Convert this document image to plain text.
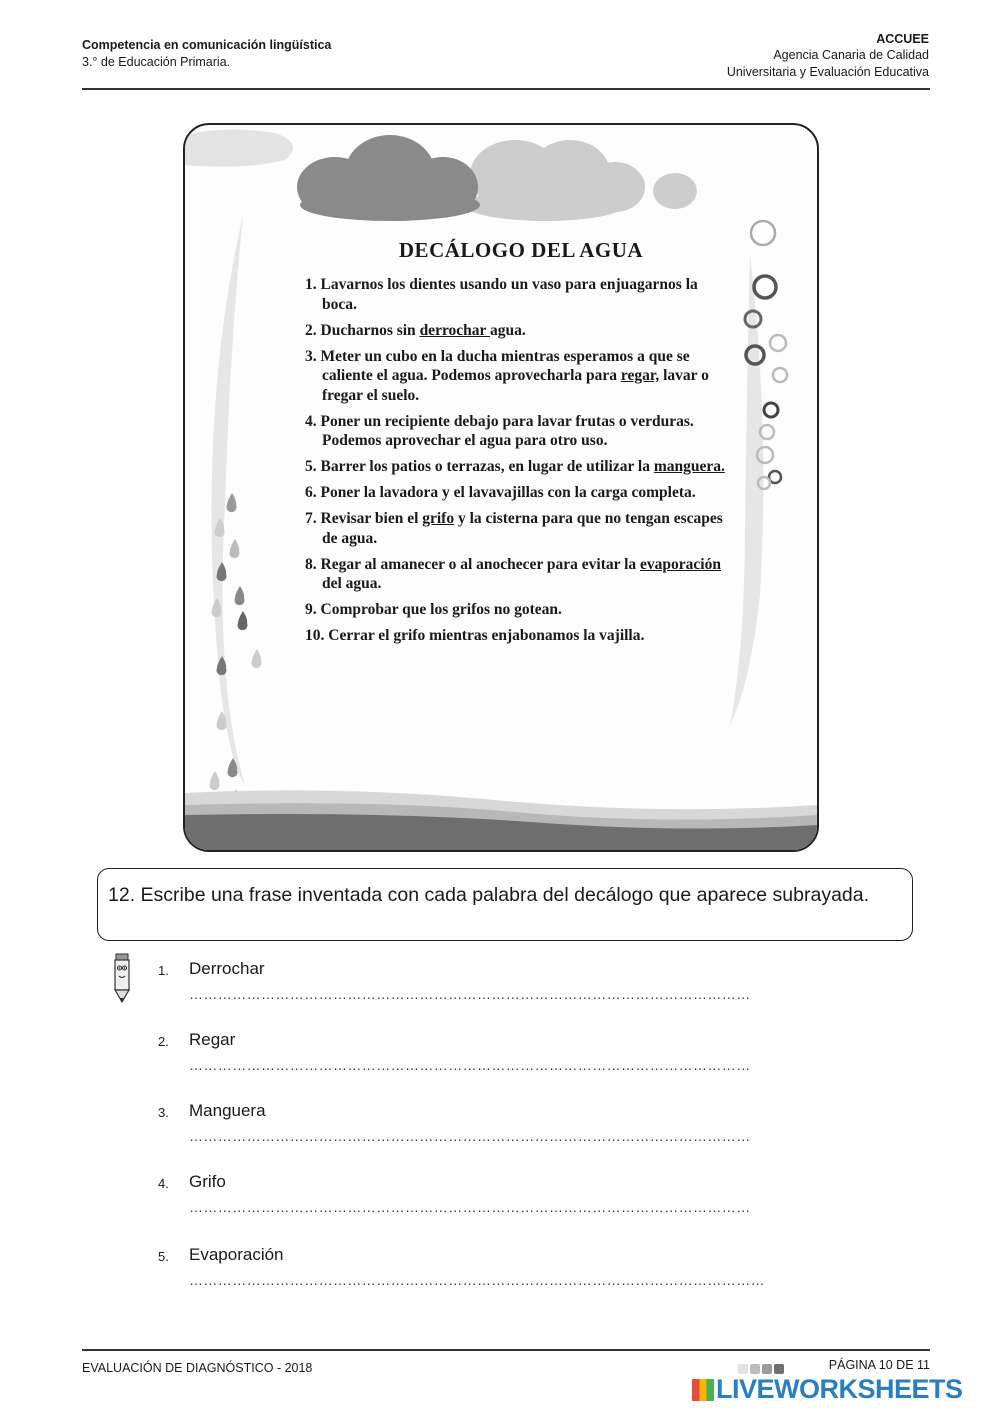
Competencia en comunicación lingüística
3.° de Educación Primaria.
ACCUEE
Agencia Canaria de Calidad
Universitaria y Evaluación Educativa
DECÁLOGO DEL AGUA
1. Lavarnos los dientes usando un vaso para enjuagarnos la boca.
2. Ducharnos sin derrochar agua.
3. Meter un cubo en la ducha mientras esperamos a que se caliente el agua. Podemos aprovecharla para regar, lavar o fregar el suelo.
4. Poner un recipiente debajo para lavar frutas o verduras. Podemos aprovechar el agua para otro uso.
5. Barrer los patios o terrazas, en lugar de utilizar la manguera.
6. Poner la lavadora y el lavavajillas con la carga completa.
7. Revisar bien el grifo y la cisterna para que no tengan escapes de agua.
8. Regar al amanecer o al anochecer para evitar la evaporación del agua.
9. Comprobar que los grifos no gotean.
10. Cerrar el grifo mientras enjabonamos la vajilla.
12. Escribe una frase inventada con cada palabra del decálogo que aparece subrayada.
1. Derrochar
………………………………………………………………………………………………………
2. Regar
………………………………………………………………………………………………………
3. Manguera
………………………………………………………………………………………………………
4. Grifo
………………………………………………………………………………………………………
5. Evaporación
…………………………………………………………………………………………………………
EVALUACIÓN DE DIAGNÓSTICO - 2018	PÁGINA 10 DE 11
LIVEWORKSHEETS
